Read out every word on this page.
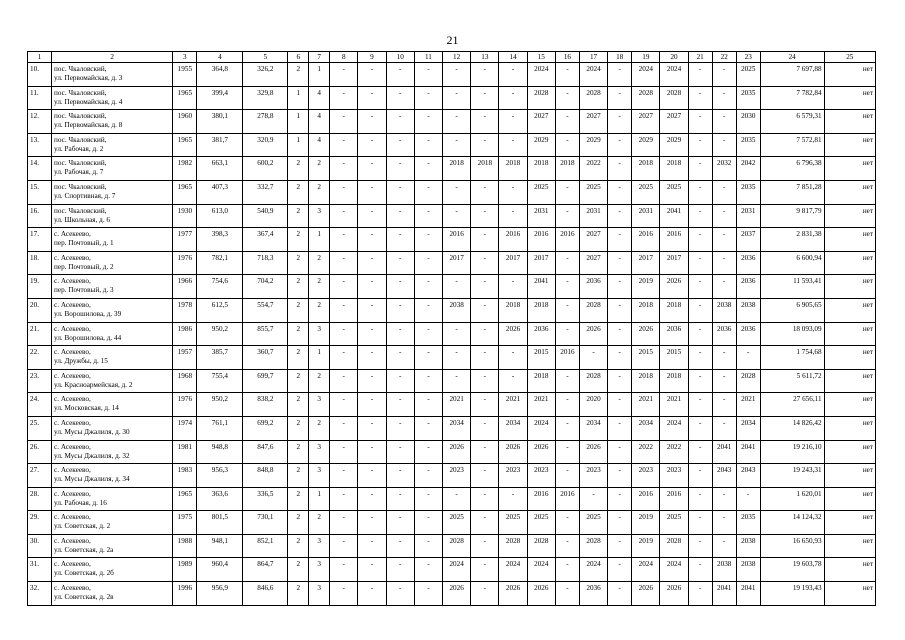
21
1	2	3	4	5	6	7	8	9	10	11	12	13	14	15	16	17	18	19	20	21	22	23	24	25
10.	пос. Чкаловский,
ул. Первомайская, д. 3	1955	364,8	326,2	2	1	-	-	-	-	-	-	-	2024	-	2024	-	2024	2024	-	-	2025	7 697,88	нет
11.	пос. Чкаловский,
ул. Первомайская, д. 4	1965	399,4	329,8	1	4	-	-	-	-	-	-	-	2028	-	2028	-	2028	2028	-	-	2035	7 782,84	нет
12.	пос. Чкаловский,
ул. Первомайская, д. 8	1960	380,1	278,8	1	4	-	-	-	-	-	-	-	2027	-	2027	-	2027	2027	-	-	2030	6 579,31	нет
13.	пос. Чкаловский,
ул. Рабочая, д. 2	1965	381,7	320,9	1	4	-	-	-	-	-	-	-	2029	-	2029	-	2029	2029	-	-	2035	7 572,81	нет
14.	пос. Чкаловский,
ул. Рабочая, д. 7	1982	663,1	600,2	2	2	-	-	-	-	2018	2018	2018	2018	2018	2022	-	2018	2018	-	2032	2042	6 796,38	нет
15.	пос. Чкаловский,
ул. Спортивная, д. 7	1965	407,3	332,7	2	2	-	-	-	-	-	-	-	2025	-	2025	-	2025	2025	-	-	2035	7 851,28	нет
16.	пос. Чкаловский,
ул. Школьная, д. 6	1930	613,0	540,9	2	3	-	-	-	-	-	-	-	2031	-	2031	-	2031	2041	-	-	2031	9 817,79	нет
17.	с. Асекеево,
пер. Почтовый, д. 1	1977	398,3	367,4	2	1	-	-	-	-	2016	-	2016	2016	2016	2027	-	2016	2016	-	-	2037	2 831,38	нет
18.	с. Асекеево,
пер. Почтовый, д. 2	1976	782,1	718,3	2	2	-	-	-	-	2017	-	2017	2017	-	2027	-	2017	2017	-	-	2036	6 600,94	нет
19.	с. Асекеево,
пер. Почтовый, д. 3	1966	754,6	704,2	2	2	-	-	-	-	-	-	-	2041	-	2036	-	2019	2026	-	-	2036	11 593,41	нет
20.	с. Асекеево,
ул. Ворошилова, д. 39	1978	612,5	554,7	2	2	-	-	-	-	2038	-	2018	2018	-	2028	-	2018	2018	-	2038	2038	6 905,65	нет
21.	с. Асекеево,
ул. Ворошилова, д. 44	1986	950,2	855,7	2	3	-	-	-	-	-	-	2026	2036	-	2026	-	2026	2036	-	2036	2036	18 093,09	нет
22.	с. Асекеево,
ул. Дружбы, д. 15	1957	385,7	360,7	2	1	-	-	-	-	-	-	-	2015	2016	-	-	2015	2015	-	-	-	1 754,68	нет
23.	с. Асекеево,
ул. Красноармейская, д. 2	1968	755,4	699,7	2	2	-	-	-	-	-	-	-	2018	-	2028	-	2018	2018	-	-	2028	5 611,72	нет
24.	с. Асекеево,
ул. Московская, д. 14	1976	950,2	838,2	2	3	-	-	-	-	2021	-	2021	2021	-	2020	-	2021	2021	-	-	2021	27 656,11	нет
25.	с. Асекеево,
ул. Мусы Джалиля, д. 30	1974	761,1	699,2	2	2	-	-	-	-	2034	-	2034	2024	-	2034	-	2034	2024	-	-	2034	14 826,42	нет
26.	с. Асекеево,
ул. Мусы Джалиля, д. 32	1981	948,8	847,6	2	3	-	-	-	-	2026	-	2026	2026	-	2026	-	2022	2022	-	2041	2041	19 216,10	нет
27.	с. Асекеево,
ул. Мусы Джалиля, д. 34	1983	956,3	848,8	2	3	-	-	-	-	2023	-	2023	2023	-	2023	-	2023	2023	-	2043	2043	19 243,31	нет
28.	с. Асекеево,
ул. Рабочая, д. 16	1965	363,6	336,5	2	1	-	-	-	-	-	-	-	2016	2016	-	-	2016	2016	-	-	-	1 620,01	нет
29.	с. Асекеево,
ул. Советская, д. 2	1975	801,5	730,1	2	2	-	-	-	-	2025	-	2025	2025	-	2025	-	2019	2025	-	-	2035	14 124,32	нет
30.	с. Асекеево,
ул. Советская, д. 2а	1988	948,1	852,1	2	3	-	-	-	-	2028	-	2028	2028	-	2028	-	2019	2028	-	-	2038	16 650,93	нет
31.	с. Асекеево,
ул. Советская, д. 2б	1989	960,4	864,7	2	3	-	-	-	-	2024	-	2024	2024	-	2024	-	2024	2024	-	2038	2038	19 603,78	нет
32.	с. Асекеево,
ул. Советская, д. 2в	1996	956,9	846,6	2	3	-	-	-	-	2026	-	2026	2026	-	2036	-	2026	2026	-	2041	2041	19 193,43	нет
